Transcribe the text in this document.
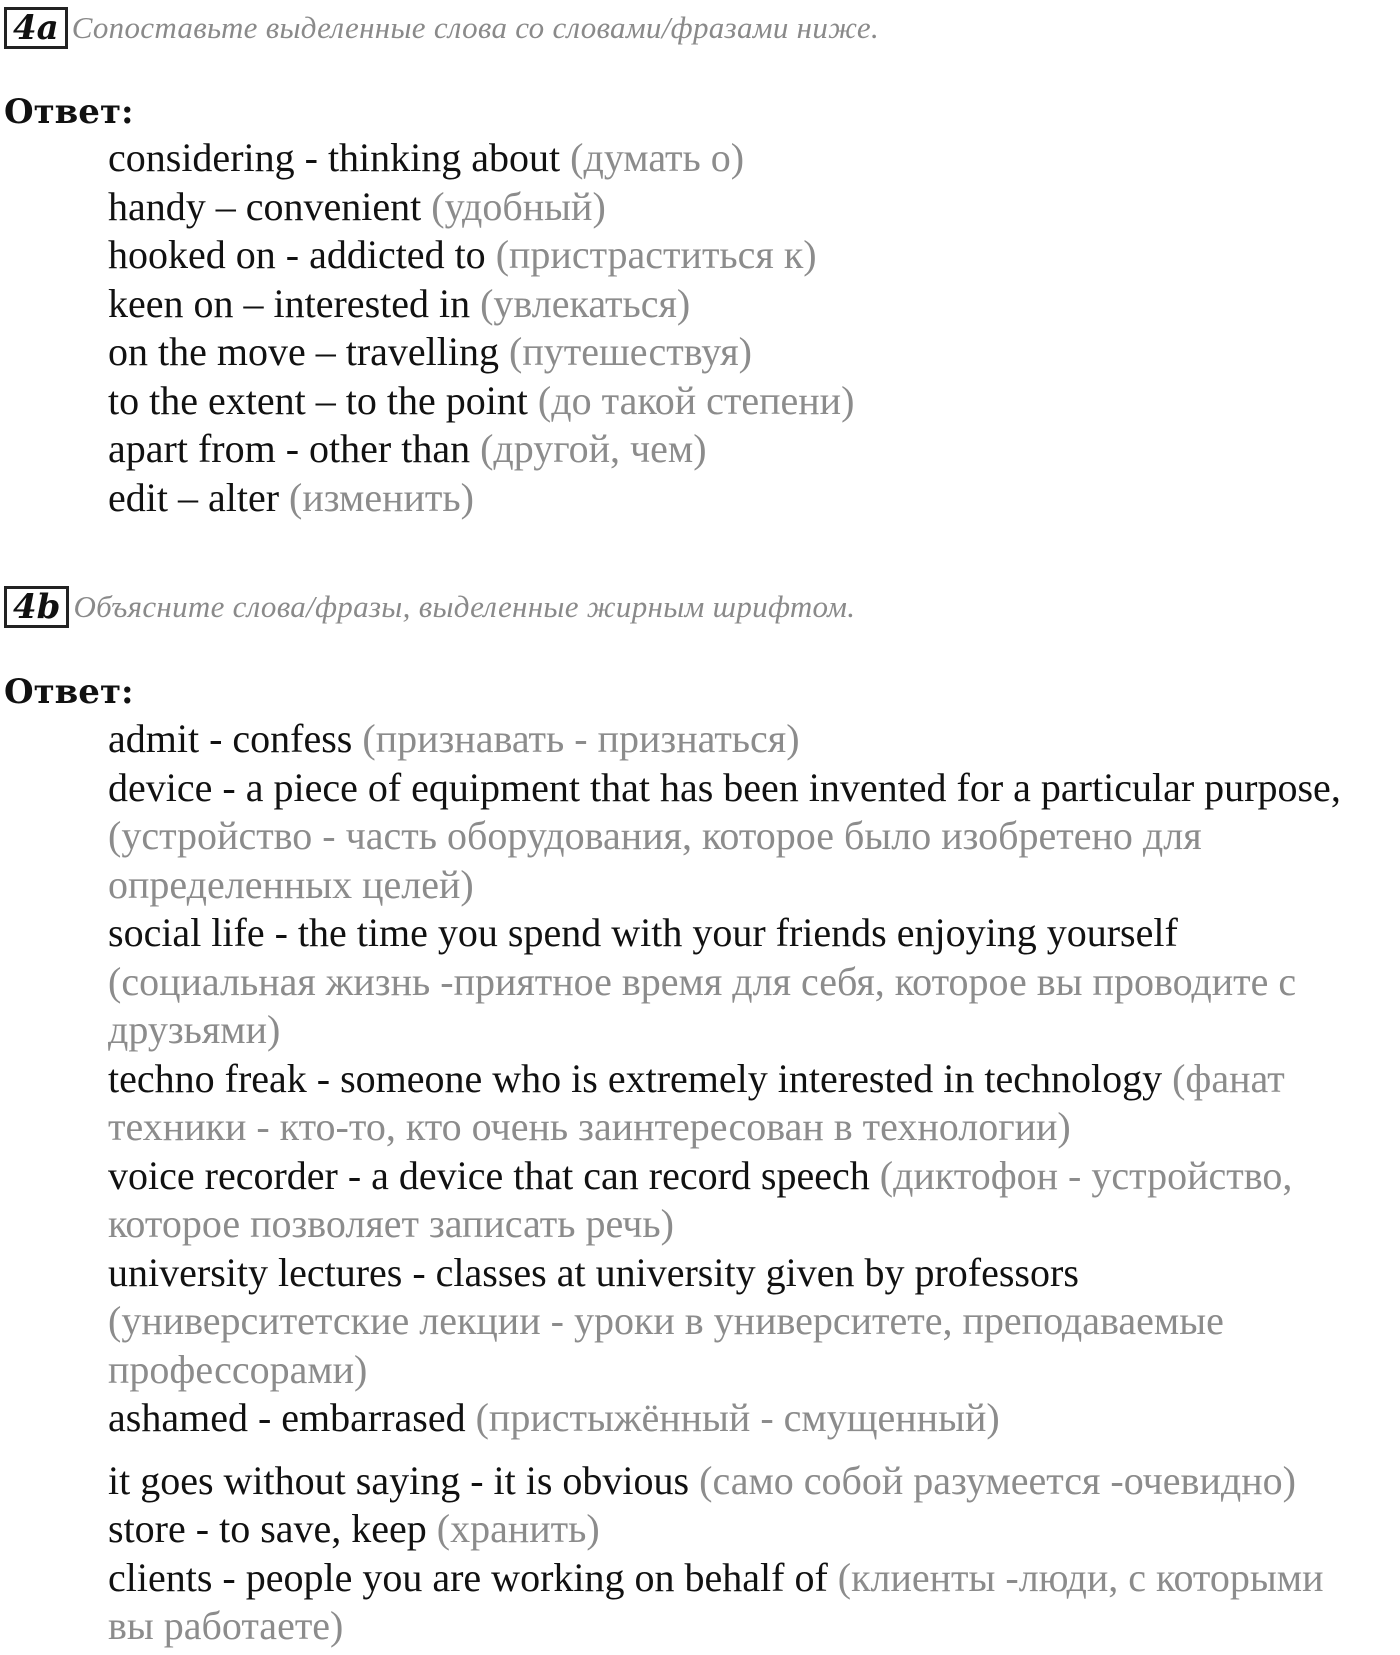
4a Сопоставьте выделенные слова со словами/фразами ниже.
Ответ:
considering - thinking about (думать о)
handy – convenient (удобный)
hooked on - addicted to (пристраститься к)
keen on – interested in (увлекаться)
on the move – travelling (путешествуя)
to the extent – to the point (до такой степени)
apart from - other than (другой, чем)
edit – alter (изменить)
4b Объясните слова/фразы, выделенные жирным шрифтом.
Ответ:
admit - confess (признавать - признаться)
device - a piece of equipment that has been invented for a particular purpose,
(устройство - часть оборудования, которое было изобретено для
определенных целей)
social life - the time you spend with your friends enjoying yourself
(социальная жизнь -приятное время для себя, которое вы проводите с
друзьями)
techno freak - someone who is extremely interested in technology (фанат
техники - кто-то, кто очень заинтересован в технологии)
voice recorder - a device that can record speech (диктофон - устройство,
которое позволяет записать речь)
university lectures - classes at university given by professors
(университетские лекции - уроки в университете, преподаваемые
профессорами)
ashamed - embarrased (пристыжённый - смущенный)
it goes without saying - it is obvious (само собой разумеется -очевидно)
store - to save, keep (хранить)
clients - people you are working on behalf of (клиенты -люди, с которыми
вы работаете)
